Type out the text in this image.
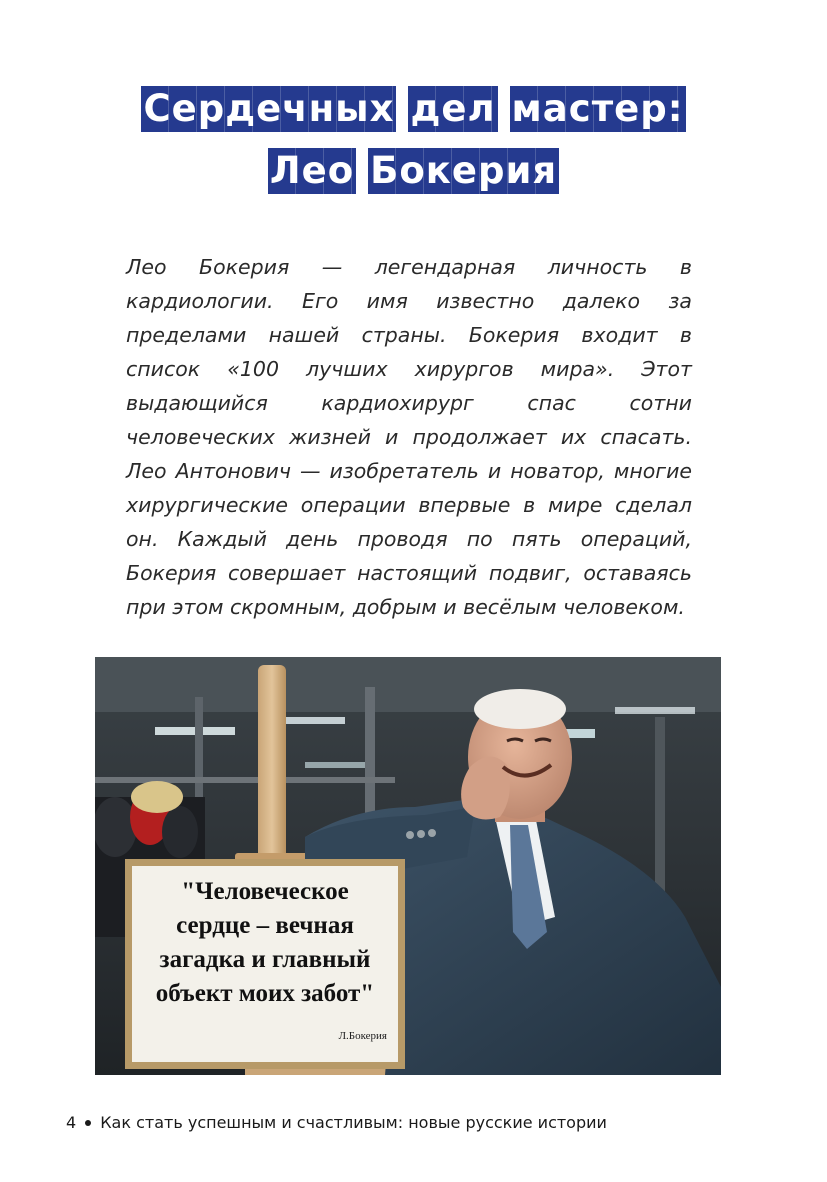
Сердечных дел мастер:
Лео Бокерия

Лео Бокерия — легендарная личность в кардиологии. Его имя известно далеко за пределами нашей страны. Бокерия входит в список «100 лучших хирургов мира». Этот выдающийся кардиохирург спас сотни человеческих жизней и продолжает их спасать. Лео Антонович — изобретатель и новатор, многие хирургические операции впервые в мире сделал он. Каждый день проводя по пять операций, Бокерия совершает настоящий подвиг, оставаясь при этом скромным, добрым и весёлым человеком.

"Человеческое
сердце – вечная
загадка и главный
объект моих забот"
Л.Бокерия
4 Как стать успешным и счастливым: новые русские истории
